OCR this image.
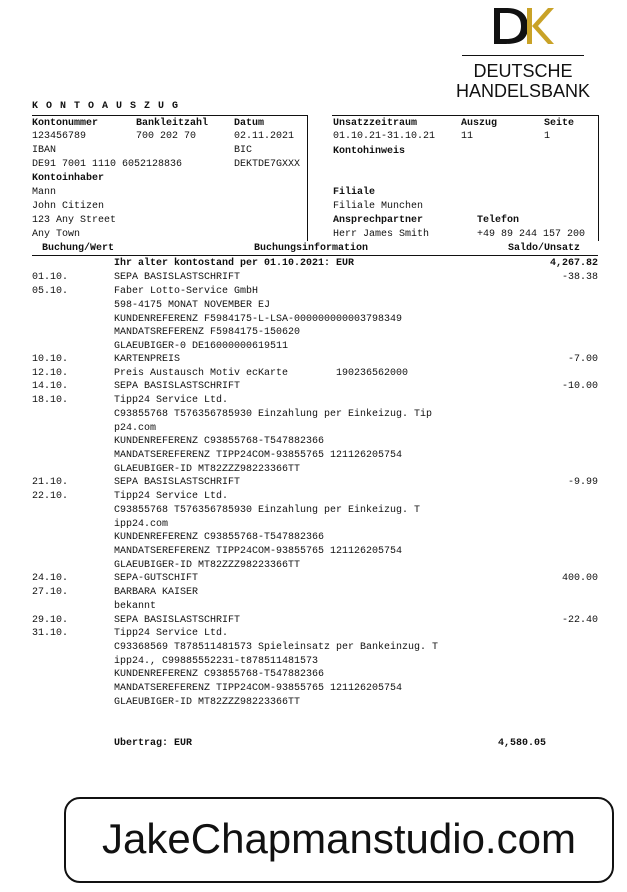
DEUTSCHE
HANDELSBANK
K O N T O A U S Z U G
Kontonummer	Bankleitzahl	Datum
123456789	700 202 70	02.11.2021
IBAN	BIC
DE91 7001 1110 6052128836	DEKTDE7GXXX
Kontoinhaber
Mann
John Citizen
123 Any Street
Any Town
Unsatzzeitraum	Auszug	Seite
01.10.21-31.10.21	11	1
Kontohinweis
Filiale
Filiale Munchen
Ansprechpartner	Telefon
Herr James Smith	+49 89 244 157 200
Buchung/Wert	Buchungsinformation	Saldo/Unsatz
Ihr alter kontostand per 01.10.2021: EUR	4,267.82
01.10.	SEPA BASISLASTSCHRIFT	-38.38
05.10.	Faber Lotto-Service GmbH
598-4175 MONAT NOVEMBER EJ
KUNDENREFERENZ F5984175-L-LSA-000000000003798349
MANDATSREFERENZ F5984175-150620
GLAEUBIGER-0 DE16000000619511
10.10.	KARTENPREIS	-7.00
12.10.	Preis Austausch Motiv ecKarte        190236562000
14.10.	SEPA BASISLASTSCHRIFT	-10.00
18.10.	Tipp24 Service Ltd.
C93855768 T576356785930 Einzahlung per Einkeizug. Tip
p24.com
KUNDENREFERENZ C93855768-T547882366
MANDATSEREFERENZ TIPP24COM-93855765 121126205754
GLAEUBIGER-ID MT82ZZZ98223366TT
21.10.	SEPA BASISLASTSCHRIFT	-9.99
22.10.	Tipp24 Service Ltd.
C93855768 T576356785930 Einzahlung per Einkeizug. T
ipp24.com
KUNDENREFERENZ C93855768-T547882366
MANDATSEREFERENZ TIPP24COM-93855765 121126205754
GLAEUBIGER-ID MT82ZZZ98223366TT
24.10.	SEPA-GUTSCHIFT	400.00
27.10.	BARBARA KAISER
bekannt
29.10.	SEPA BASISLASTSCHRIFT	-22.40
31.10.	Tipp24 Service Ltd.
C93368569 T878511481573 Spieleinsatz per Bankeinzug. T
ipp24., C99885552231-t878511481573
KUNDENREFERENZ C93855768-T547882366
MANDATSEREFERENZ TIPP24COM-93855765 121126205754
GLAEUBIGER-ID MT82ZZZ98223366TT
Ubertrag: EUR	4,580.05
JakeChapmanstudio.com
